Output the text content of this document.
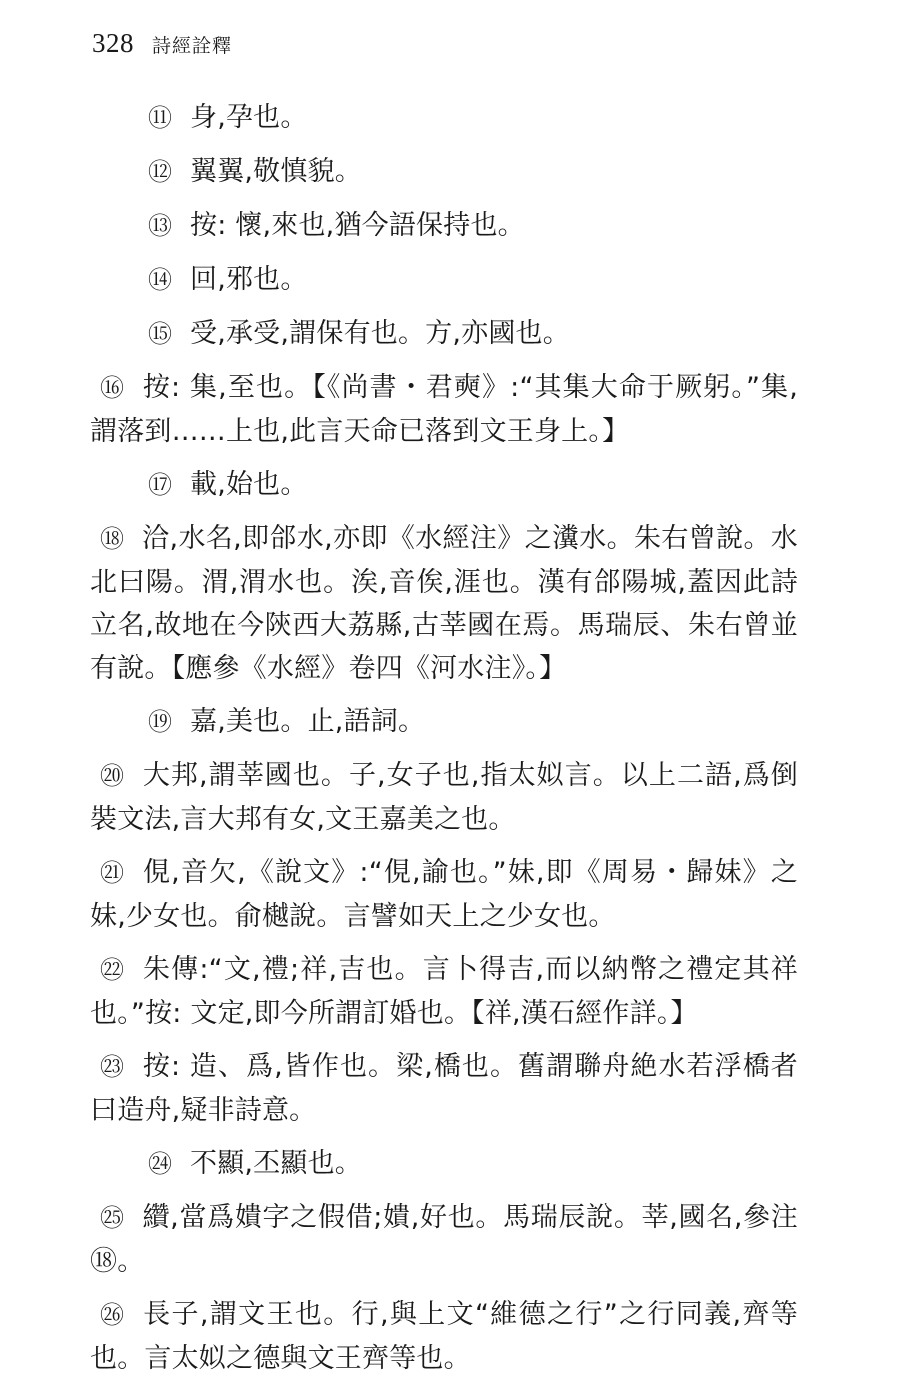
328 詩經詮釋
⑪ 身,孕也。
⑫ 翼翼,敬慎貌。
⑬ 按: 懷,來也,猶今語保持也。
⑭ 回,邪也。
⑮ 受,承受,謂保有也。方,亦國也。
⑯ 按: 集,至也。【《尚書・君奭》:“其集大命于厥躬。”集,謂落到……上也,此言天命已落到文王身上。】
⑰ 載,始也。
⑱ 洽,水名,即郃水,亦即《水經注》之瀵水。朱右曾說。水北曰陽。渭,渭水也。涘,音俟,涯也。漢有郃陽城,蓋因此詩立名,故地在今陝西大荔縣,古莘國在焉。馬瑞辰、朱右曾並有說。【應參《水經》卷四《河水注》。】
⑲ 嘉,美也。止,語詞。
⑳ 大邦,謂莘國也。子,女子也,指太姒言。以上二語,爲倒裝文法,言大邦有女,文王嘉美之也。
㉑ 俔,音欠,《說文》:“俔,諭也。”妹,即《周易・歸妹》之妹,少女也。俞樾說。言譬如天上之少女也。
㉒ 朱傳:“文,禮;祥,吉也。言卜得吉,而以納幣之禮定其祥也。”按: 文定,即今所謂訂婚也。【祥,漢石經作詳。】
㉓ 按: 造、爲,皆作也。梁,橋也。舊謂聯舟絶水若浮橋者曰造舟,疑非詩意。
㉔ 不顯,丕顯也。
㉕ 纘,當爲嬇字之假借;嬇,好也。馬瑞辰說。莘,國名,參注⑱。
㉖ 長子,謂文王也。行,與上文“維德之行”之行同義,齊等也。言太姒之德與文王齊等也。
